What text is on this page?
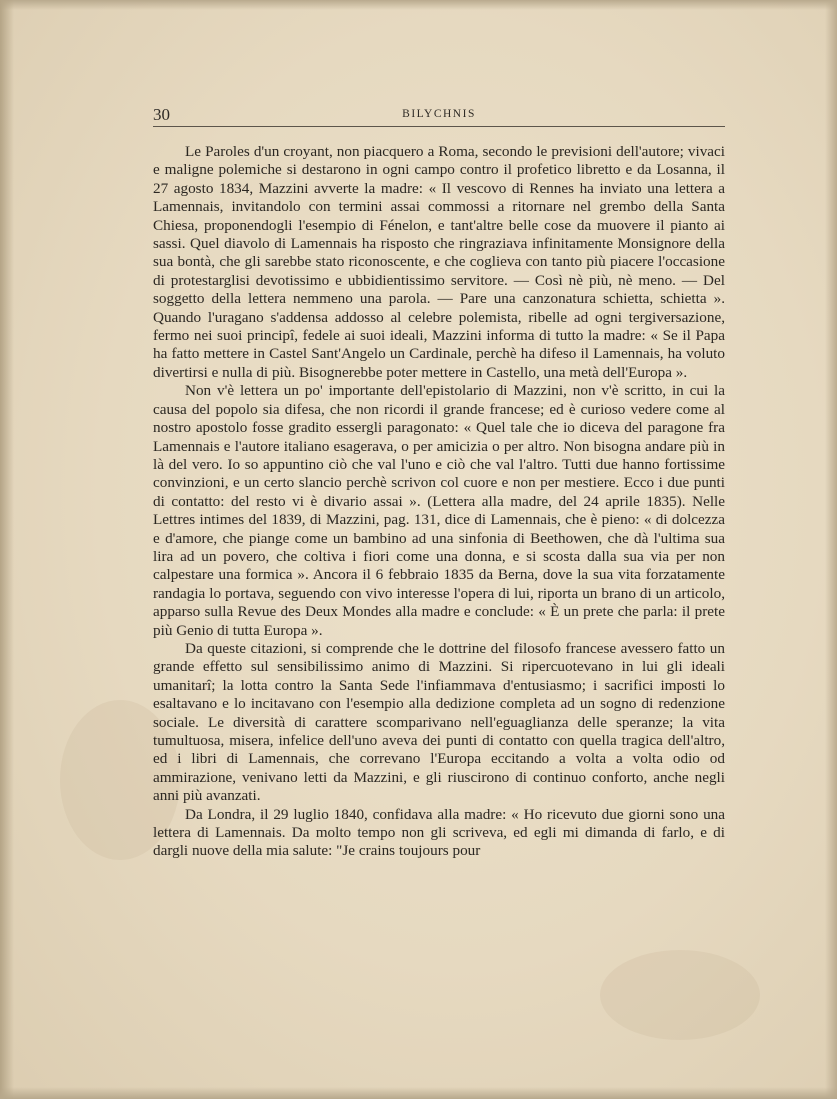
30	BILYCHNIS

Le Paroles d'un croyant, non piacquero a Roma, secondo le previsioni dell'autore; vivaci e maligne polemiche si destarono in ogni campo contro il profetico libretto e da Losanna, il 27 agosto 1834, Mazzini avverte la madre: « Il vescovo di Rennes ha inviato una lettera a Lamennais, invitandolo con termini assai commossi a ritornare nel grembo della Santa Chiesa, proponendogli l'esempio di Fénelon, e tant'altre belle cose da muovere il pianto ai sassi. Quel diavolo di Lamennais ha risposto che ringraziava infinitamente Monsignore della sua bontà, che gli sarebbe stato riconoscente, e che coglieva con tanto più piacere l'occasione di protestarglisi devotissimo e ubbidientissimo servitore. — Così nè più, nè meno. — Del soggetto della lettera nemmeno una parola. — Pare una canzonatura schietta, schietta ». Quando l'uragano s'addensa addosso al celebre polemista, ribelle ad ogni tergiversazione, fermo nei suoi principî, fedele ai suoi ideali, Mazzini informa di tutto la madre: « Se il Papa ha fatto mettere in Castel Sant'Angelo un Cardinale, perchè ha difeso il Lamennais, ha voluto divertirsi e nulla di più. Bisognerebbe poter mettere in Castello, una metà dell'Europa ».

Non v'è lettera un po' importante dell'epistolario di Mazzini, non v'è scritto, in cui la causa del popolo sia difesa, che non ricordi il grande francese; ed è curioso vedere come al nostro apostolo fosse gradito essergli paragonato: « Quel tale che io diceva del paragone fra Lamennais e l'autore italiano esagerava, o per amicizia o per altro. Non bisogna andare più in là del vero. Io so appuntino ciò che val l'uno e ciò che val l'altro. Tutti due hanno fortissime convinzioni, e un certo slancio perchè scrivon col cuore e non per mestiere. Ecco i due punti di contatto: del resto vi è divario assai ». (Lettera alla madre, del 24 aprile 1835). Nelle Lettres intimes del 1839, di Mazzini, pag. 131, dice di Lamennais, che è pieno: « di dolcezza e d'amore, che piange come un bambino ad una sinfonia di Beethowen, che dà l'ultima sua lira ad un povero, che coltiva i fiori come una donna, e si scosta dalla sua via per non calpestare una formica ». Ancora il 6 febbraio 1835 da Berna, dove la sua vita forzatamente randagia lo portava, seguendo con vivo interesse l'opera di lui, riporta un brano di un articolo, apparso sulla Revue des Deux Mondes alla madre e conclude: « È un prete che parla: il prete più Genio di tutta Europa ».

Da queste citazioni, si comprende che le dottrine del filosofo francese avessero fatto un grande effetto sul sensibilissimo animo di Mazzini. Si ripercuotevano in lui gli ideali umanitarî; la lotta contro la Santa Sede l'infiammava d'entusiasmo; i sacrifici imposti lo esaltavano e lo incitavano con l'esempio alla dedizione completa ad un sogno di redenzione sociale. Le diversità di carattere scomparivano nell'eguaglianza delle speranze; la vita tumultuosa, misera, infelice dell'uno aveva dei punti di contatto con quella tragica dell'altro, ed i libri di Lamennais, che correvano l'Europa eccitando a volta a volta odio od ammirazione, venivano letti da Mazzini, e gli riuscirono di continuo conforto, anche negli anni più avanzati.

Da Londra, il 29 luglio 1840, confidava alla madre: « Ho ricevuto due giorni sono una lettera di Lamennais. Da molto tempo non gli scriveva, ed egli mi dimanda di farlo, e di dargli nuove della mia salute: "Je crains toujours pour
